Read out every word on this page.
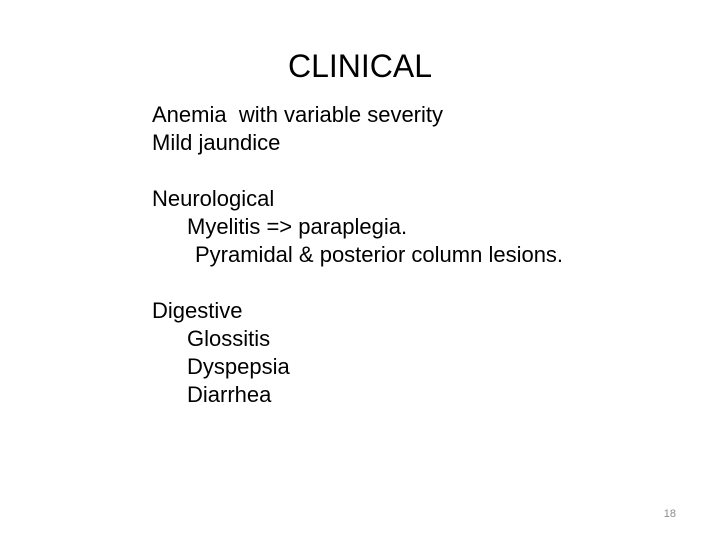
CLINICAL
Anemia  with variable severity
Mild jaundice
Neurological
Myelitis => paraplegia.
Pyramidal & posterior column lesions.
Digestive
Glossitis
Dyspepsia
Diarrhea
18
